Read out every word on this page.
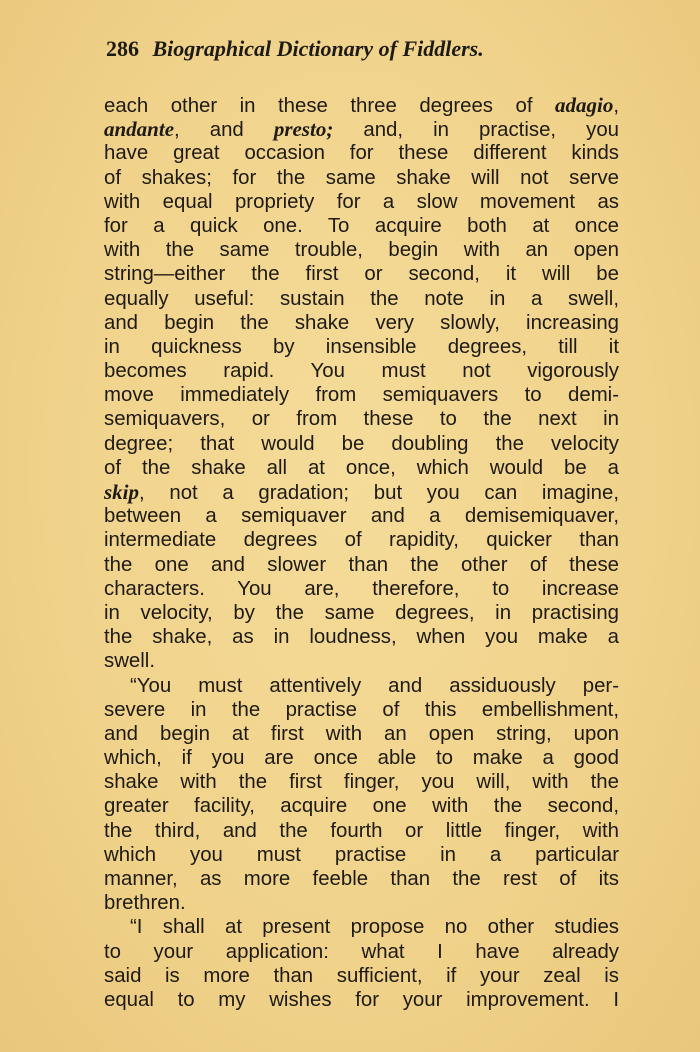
286 Biographical Dictionary of Fiddlers.
each other in these three degrees of adagio,
andante, and presto; and, in practise, you
have great occasion for these different kinds
of shakes; for the same shake will not serve
with equal propriety for a slow movement as
for a quick one. To acquire both at once
with the same trouble, begin with an open
string—either the first or second, it will be
equally useful: sustain the note in a swell,
and begin the shake very slowly, increasing
in quickness by insensible degrees, till it
becomes rapid. You must not vigorously
move immediately from semiquavers to demi-
semiquavers, or from these to the next in
degree; that would be doubling the velocity
of the shake all at once, which would be a
skip, not a gradation; but you can imagine,
between a semiquaver and a demisemiquaver,
intermediate degrees of rapidity, quicker than
the one and slower than the other of these
characters. You are, therefore, to increase
in velocity, by the same degrees, in practising
the shake, as in loudness, when you make a
swell.
“You must attentively and assiduously per-
severe in the practise of this embellishment,
and begin at first with an open string, upon
which, if you are once able to make a good
shake with the first finger, you will, with the
greater facility, acquire one with the second,
the third, and the fourth or little finger, with
which you must practise in a particular
manner, as more feeble than the rest of its
brethren.
“I shall at present propose no other studies
to your application: what I have already
said is more than sufficient, if your zeal is
equal to my wishes for your improvement. I
